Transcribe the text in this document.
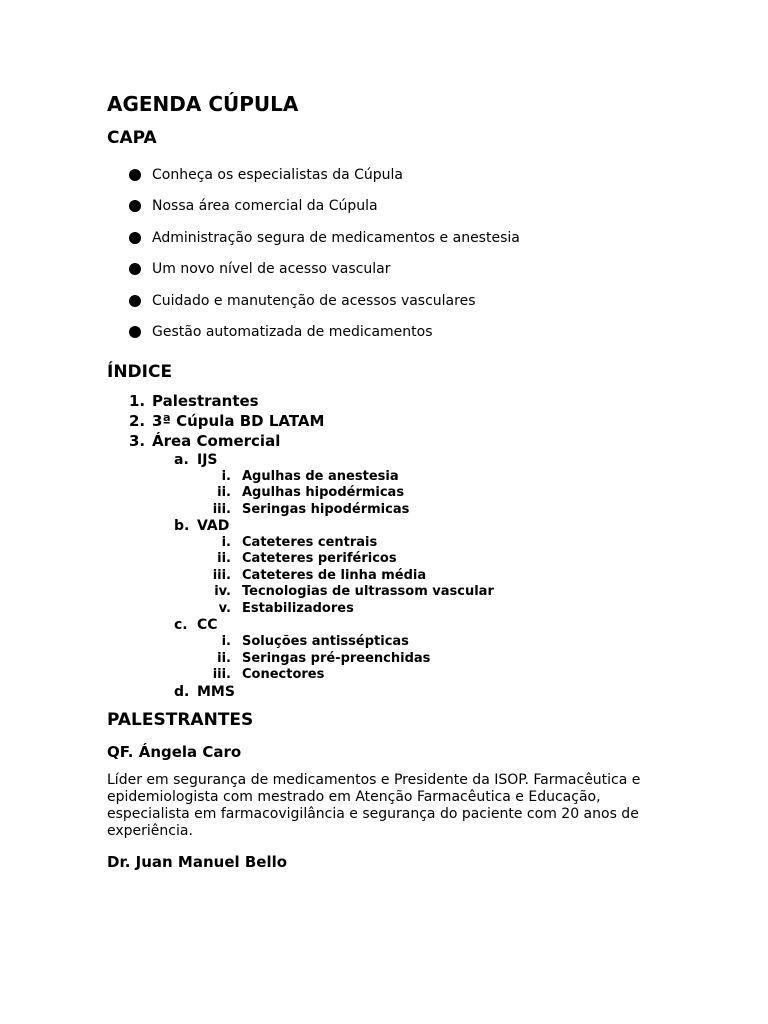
AGENDA CÚPULA
CAPA
Conheça os especialistas da Cúpula
Nossa área comercial da Cúpula
Administração segura de medicamentos e anestesia
Um novo nível de acesso vascular
Cuidado e manutenção de acessos vasculares
Gestão automatizada de medicamentos
ÍNDICE
1. Palestrantes
2. 3ª Cúpula BD LATAM
3. Área Comercial
a. IJS
i. Agulhas de anestesia
ii. Agulhas hipodérmicas
iii. Seringas hipodérmicas
b. VAD
i. Cateteres centrais
ii. Cateteres periféricos
iii. Cateteres de linha média
iv. Tecnologias de ultrassom vascular
v. Estabilizadores
c. CC
i. Soluções antissépticas
ii. Seringas pré-preenchidas
iii. Conectores
d. MMS
PALESTRANTES
QF. Ángela Caro

Líder em segurança de medicamentos e Presidente da ISOP. Farmacêutica e epidemiologista com mestrado em Atenção Farmacêutica e Educação, especialista em farmacovigilância e segurança do paciente com 20 anos de experiência.

Dr. Juan Manuel Bello
